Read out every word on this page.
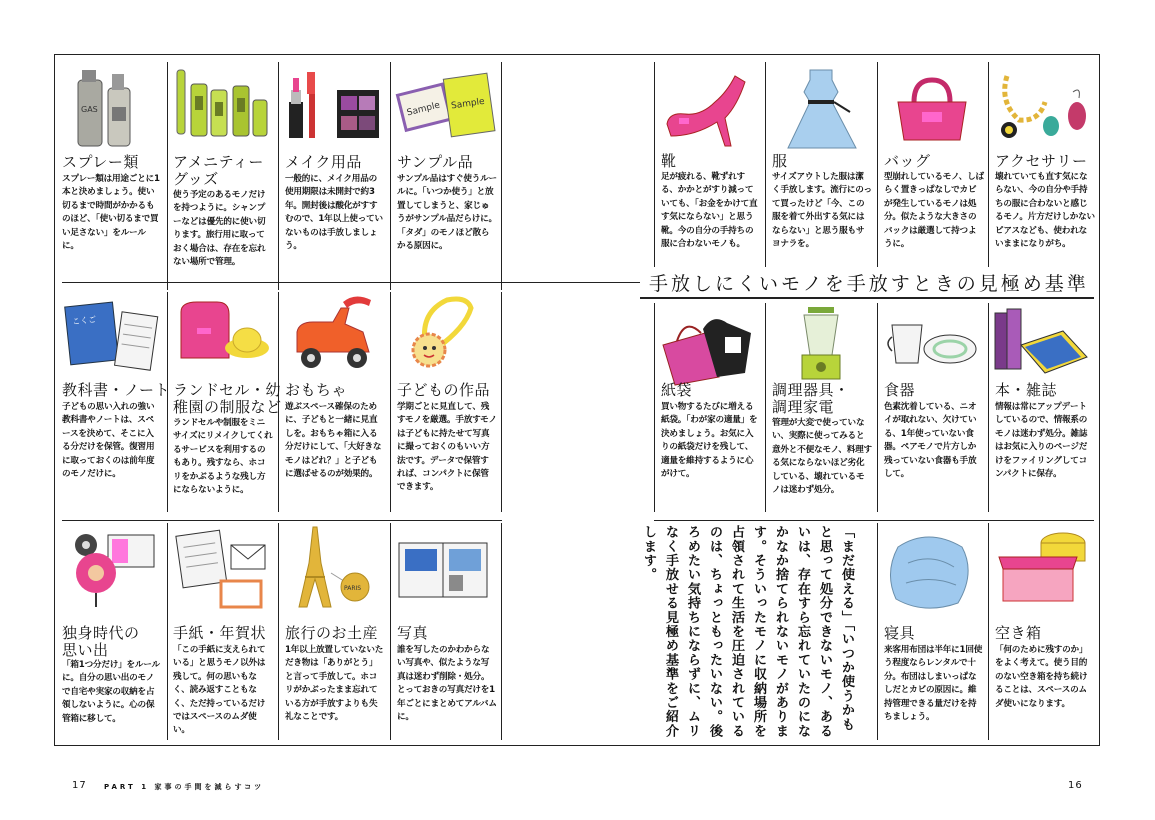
手放しにくいモノを手放すときの見極め基準
GAS
スプレー類
スプレー類は用途ごとに1本と決めましょう。使い切るまで時間がかかるものほど、「使い切るまで買い足さない」をルールに。
アメニティー
グッズ
使う予定のあるモノだけを持つように。シャンプーなどは優先的に使い切ります。旅行用に取っておく場合は、存在を忘れない場所で管理。
メイク用品
一般的に、メイク用品の使用期限は未開封で約3年。開封後は酸化がすすむので、1年以上使っていないものは手放しましょう。
Sample Sample
サンプル品
サンプル品はすぐ使うルールに。「いつか使う」と放置してしまうと、家じゅうがサンプル品だらけに。「タダ」のモノほど散らかる原因に。
こくご
教科書・ノート
子どもの思い入れの強い教科書やノートは、スペースを決めて、そこに入る分だけを保管。復習用に取っておくのは前年度のモノだけに。
ランドセル・幼
稚園の制服など
ランドセルや制服をミニサイズにリメイクしてくれるサービスを利用するのもあり。残すなら、ホコリをかぶるような残し方にならないように。
おもちゃ
遊ぶスペース確保のために、子どもと一緒に見直しを。おもちゃ箱に入る分だけにして、「大好きなモノはどれ？」と子どもに選ばせるのが効果的。
子どもの作品
学期ごとに見直して、残すモノを厳選。手放すモノは子どもに持たせて写真に撮っておくのもいい方法です。データで保管すれば、コンパクトに保管できます。
独身時代の
思い出
「箱1つ分だけ」をルールに。自分の思い出のモノで自宅や実家の収納を占領しないように。心の保管箱に移して。
手紙・年賀状
「この手紙に支えられている」と思うモノ以外は残して。何の思いもなく、読み返すこともなく、ただ持っているだけではスペースのムダ使い。
PARIS
旅行のお土産
1年以上放置していないただき物は「ありがとう」と言って手放して。ホコリがかぶったまま忘れている方が手放すよりも失礼なことです。
写真
誰を写したのかわからない写真や、似たような写真は迷わず削除・処分。とっておきの写真だけを1年ごとにまとめてアルバムに。
靴
足が疲れる、靴ずれする、かかとがすり減っていても、「お金をかけて直す気にならない」と思う靴。今の自分の手持ちの服に合わないモノも。
服
サイズアウトした服は潔く手放します。流行にのって買ったけど「今、この服を着て外出する気にはならない」と思う服もサヨナラを。
バッグ
型崩れしているモノ、しばらく置きっぱなしでカビが発生しているモノは処分。似たような大きさのバックは厳選して持つように。
アクセサリー
壊れていても直す気にならない、今の自分や手持ちの服に合わないと感じるモノ。片方だけしかないピアスなども、使われないままになりがち。
紙袋
買い物するたびに増える紙袋。「わが家の適量」を決めましょう。お気に入りの紙袋だけを残して、適量を維持するように心がけて。
調理器具・
調理家電
管理が大変で使っていない、実際に使ってみると意外と不便なモノ、料理する気にならないほど劣化している、壊れているモノは迷わず処分。
食器
色素沈着している、ニオイが取れない、欠けている、1年使っていない食器。ペアモノで片方しか残っていない食器も手放して。
本・雑誌
情報は常にアップデートしているので、情報系のモノは迷わず処分。雑誌はお気に入りのページだけをファイリングしてコンパクトに保存。
「まだ使える」「いつか使うかもと思って処分できないモノ、あるいは、存在すら忘れていたのになかなか捨てられないモノがあります。そういったモノに収納場所を占領されて生活を圧迫されているのは、ちょっともったいない。後ろめたい気持ちにならずに、ムリなく手放せる見極め基準をご紹介します。
寝具
来客用布団は半年に1回使う程度ならレンタルで十分。布団はしまいっぱなしだとカビの原因に。維持管理できる量だけを持ちましょう。
空き箱
「何のために残すのか」をよく考えて。使う目的のない空き箱を持ち続けることは、スペースのムダ使いになります。
17 PART 1 家事の手間を減らすコツ	16
